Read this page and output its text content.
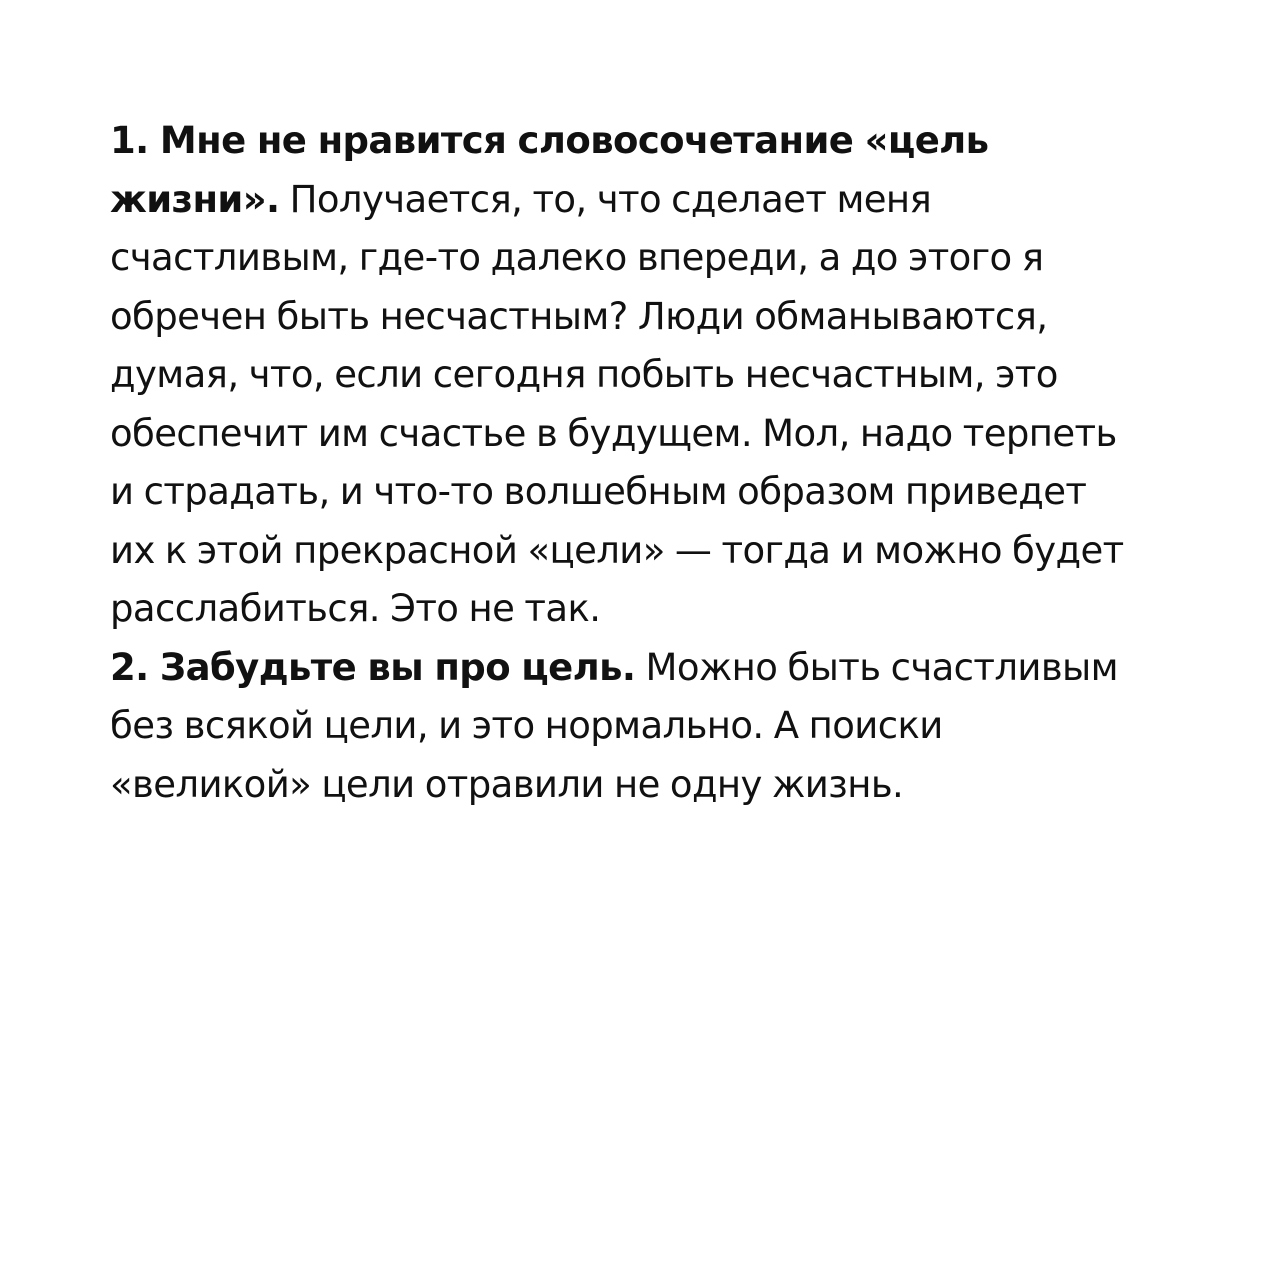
1. Мне не нравится словосочетание «цель
жизни». Получается, то, что сделает меня
счастливым, где-то далеко впереди, а до этого я
обречен быть несчастным? Люди обманываются,
думая, что, если сегодня побыть несчастным, это
обеспечит им счастье в будущем. Мол, надо терпеть
и страдать, и что-то волшебным образом приведет
их к этой прекрасной «цели» — тогда и можно будет
расслабиться. Это не так.
2. Забудьте вы про цель. Можно быть счастливым
без всякой цели, и это нормально. А поиски
«великой» цели отравили не одну жизнь.
